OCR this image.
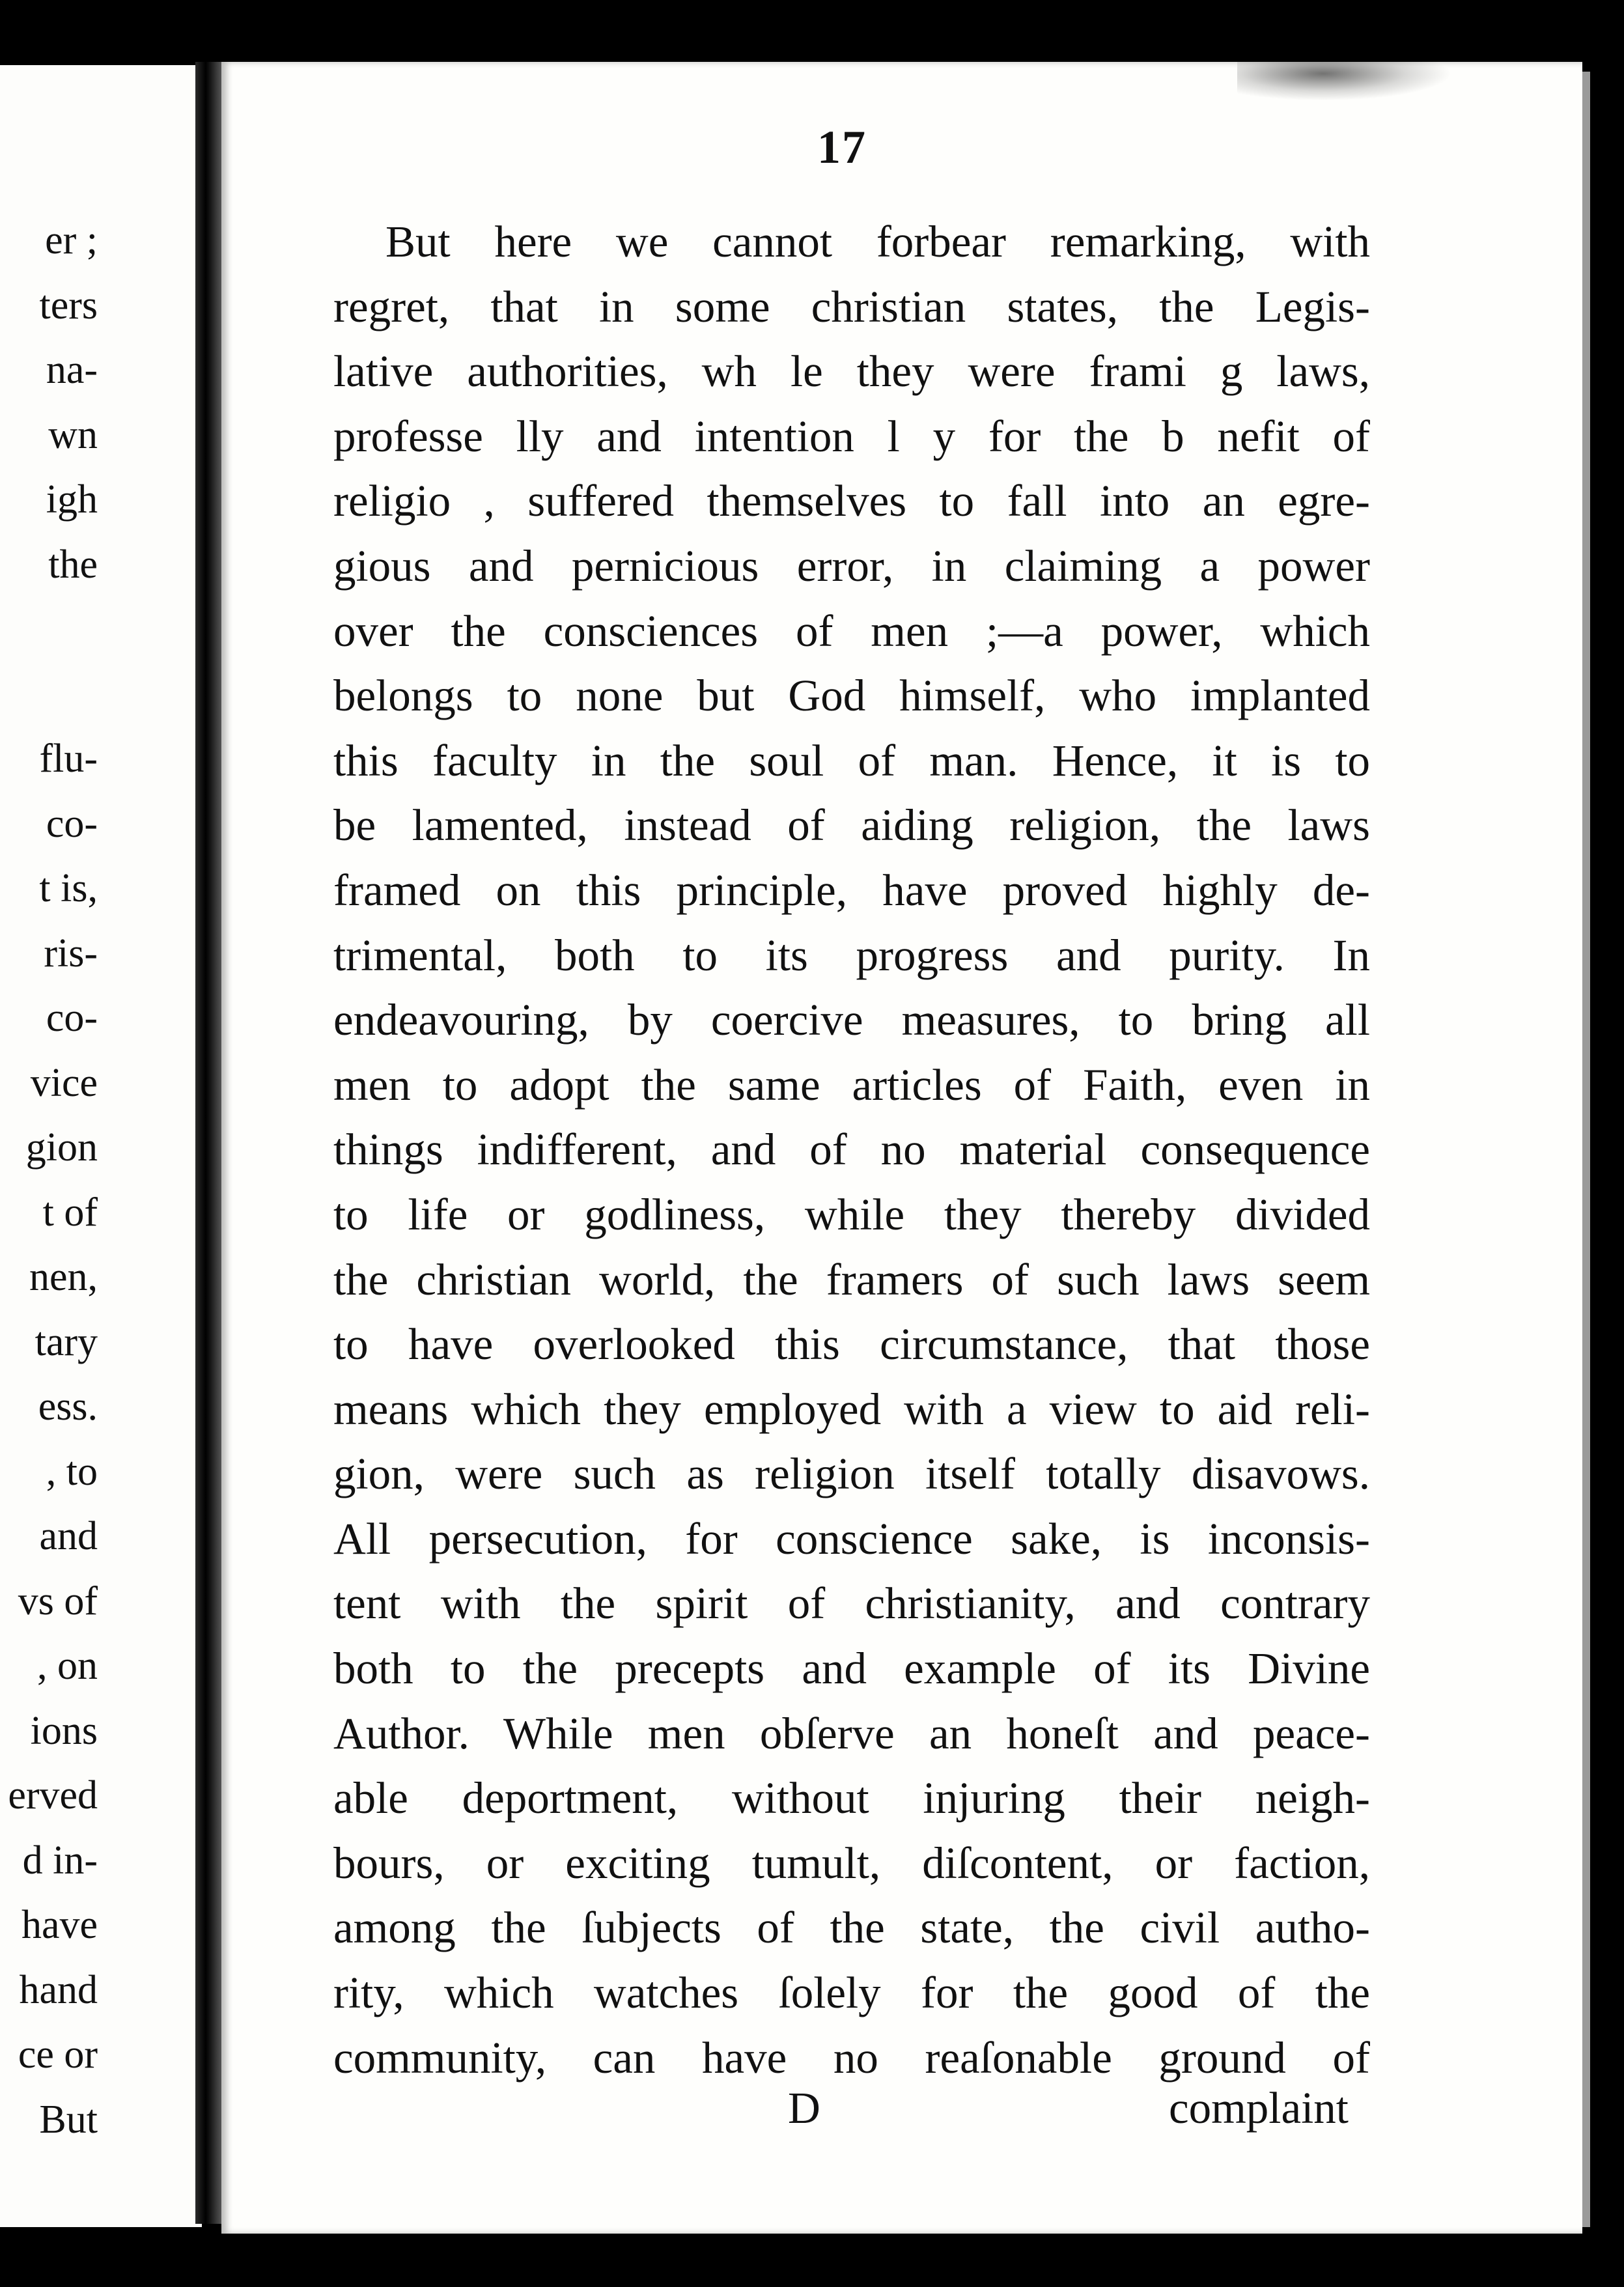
er ;
ters
na-
wn
igh
the
flu-
co-
t is,
ris-
co-
vice
gion
t of
nen,
tary
ess.
, to
and
vs of
, on
ions
erved
d in-
have
hand
ce or
But
17
But here we cannot forbear remarking, with
regret, that in some christian states, the Legis-
lative authorities, wh le they were frami g laws,
professe lly and intention l y for the b nefit of
religio , suffered themselves to fall into an egre-
gious and pernicious error, in claiming a power
over the consciences of men ;—a power, which
belongs to none but God himself, who implanted
this faculty in the soul of man. Hence, it is to
be lamented, instead of aiding religion, the laws
framed on this principle, have proved highly de-
trimental, both to its progress and purity. In
endeavouring, by coercive measures, to bring all
men to adopt the same articles of Faith, even in
things indifferent, and of no material consequence
to life or godliness, while they thereby divided
the christian world, the framers of such laws seem
to have overlooked this circumstance, that those
means which they employed with a view to aid reli-
gion, were such as religion itself totally disavows.
All persecution, for conscience sake, is inconsis-
tent with the spirit of christianity, and contrary
both to the precepts and example of its Divine
Author. While men obſerve an honeſt and peace-
able deportment, without injuring their neigh-
bours, or exciting tumult, diſcontent, or faction,
among the ſubjects of the state, the civil autho-
rity, which watches ſolely for the good of the
community, can have no reaſonable ground of
D	complaint
